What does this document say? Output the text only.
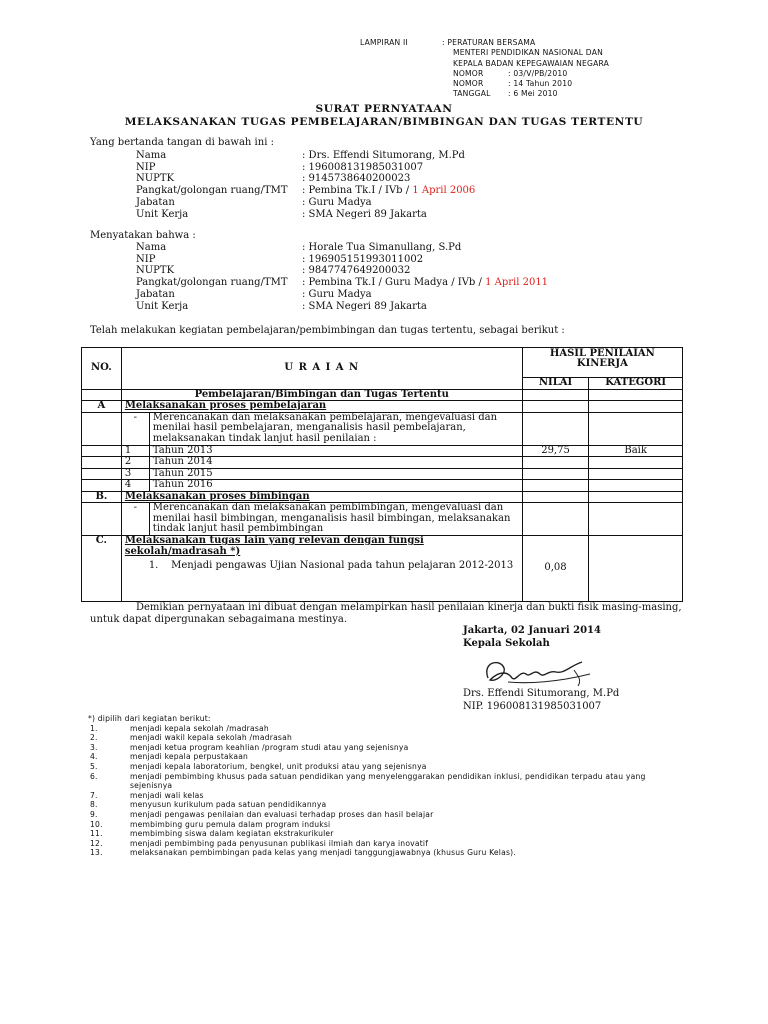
LAMPIRAN II	: PERATURAN BERSAMA
MENTERI PENDIDIKAN NASIONAL DAN
KEPALA BADAN KEPEGAWAIAN NEGARA
NOMOR	: 03/V/PB/2010
NOMOR	: 14 Tahun 2010
TANGGAL : 6 Mei 2010
SURAT PERNYATAAN
MELAKSANAKAN TUGAS PEMBELAJARAN/BIMBINGAN DAN TUGAS TERTENTU
Yang bertanda tangan di bawah ini :
Nama	: Drs. Effendi Situmorang, M.Pd
NIP	: 196008131985031007
NUPTK	: 9145738640200023
Pangkat/golongan ruang/TMT : Pembina Tk.I / IVb / 1 April 2006
Jabatan	: Guru Madya
Unit Kerja	: SMA Negeri 89 Jakarta
Menyatakan bahwa :
Nama	: Horale Tua Simanullang, S.Pd
NIP	: 196905151993011002
NUPTK	: 9847747649200032
Pangkat/golongan ruang/TMT : Pembina Tk.I / Guru Madya / IVb / 1 April 2011
Jabatan	: Guru Madya
Unit Kerja	: SMA Negeri 89 Jakarta
Telah melakukan kegiatan pembelajaran/pembimbingan dan tugas tertentu, sebagai berikut :
NO.	U R A I A N		HASIL PENILAIAN KINERJA	
			NILAI	KATEGORI
	Pembelajaran/Bimbingan dan Tugas Tertentu			
A	Melaksanakan proses pembelajaran			
	-	Merencanakan dan melaksanakan pembelajaran, mengevaluasi dan menilai hasil pembelajaran, menganalisis hasil pembelajaran, melaksanakan tindak lanjut hasil penilaian :		
	1	Tahun 2013	29,75	Baik
	2	Tahun 2014		
	3	Tahun 2015		
	4	Tahun 2016		
B.	Melaksanakan proses bimbingan			
	-	Merencanakan dan melaksanakan pembimbingan, mengevaluasi dan menilai hasil bimbingan, menganalisis hasil bimbingan, melaksanakan tindak lanjut hasil pembimbingan		
C.	Melaksanakan tugas lain yang relevan dengan fungsi sekolah/madrasah *)
1. Menjadi pengawas Ujian Nasional pada tahun pelajaran 2012-2013		0,08	
Demikian pernyataan ini dibuat dengan melampirkan hasil penilaian kinerja dan bukti fisik masing-masing,
untuk dapat dipergunakan sebagaimana mestinya.
Jakarta, 02 Januari 2014
Kepala Sekolah
Drs. Effendi Situmorang, M.Pd
NIP. 196008131985031007
*) dipilih dari kegiatan berikut:
1.	menjadi kepala sekolah /madrasah
2.	menjadi wakil kepala sekolah /madrasah
3.	menjadi ketua program keahlian /program studi atau yang sejenisnya
4.	menjadi kepala perpustakaan
5.	menjadi kepala laboratorium, bengkel, unit produksi atau yang sejenisnya
6.	menjadi pembimbing khusus pada satuan pendidikan yang menyelenggarakan pendidikan inklusi, pendidikan terpadu atau yang sejenisnya
7.	menjadi wali kelas
8.	menyusun kurikulum pada satuan pendidikannya
9.	menjadi pengawas penilaian dan evaluasi terhadap proses dan hasil belajar
10.	membimbing guru pemula dalam program induksi
11.	membimbing siswa dalam kegiatan ekstrakurikuler
12.	menjadi pembimbing pada penyusunan publikasi ilmiah dan karya inovatif
13.	melaksanakan pembimbingan pada kelas yang menjadi tanggungjawabnya (khusus Guru Kelas).
